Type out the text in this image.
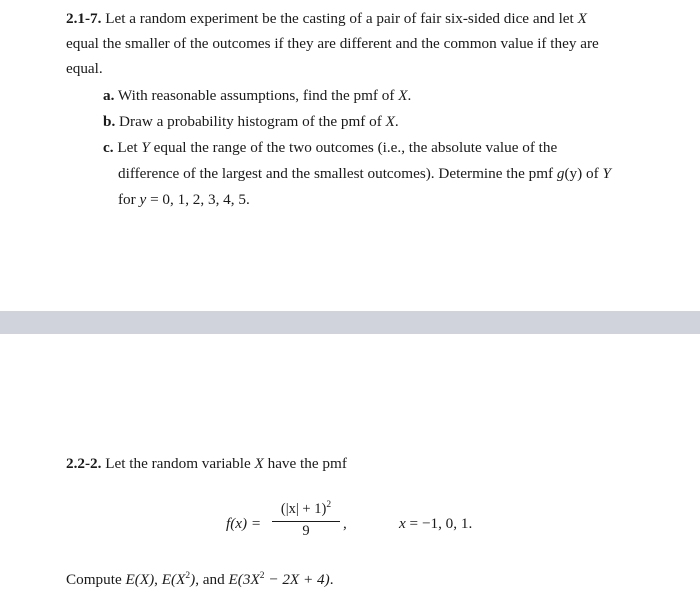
2.1-7. Let a random experiment be the casting of a pair of fair six-sided dice and let X
equal the smaller of the outcomes if they are different and the common value if they are
equal.
a. With reasonable assumptions, find the pmf of X.
b. Draw a probability histogram of the pmf of X.
c. Let Y equal the range of the two outcomes (i.e., the absolute value of the
difference of the largest and the smallest outcomes). Determine the pmf g(y) of Y
for y = 0, 1, 2, 3, 4, 5.
2.2-2. Let the random variable X have the pmf
f(x) =
$(|x| + 1)^2$
9	,	x = −1, 0, 1.
Compute E(X), $E(X^2)$, and $E(3X^2 - 2X + 4)$.
